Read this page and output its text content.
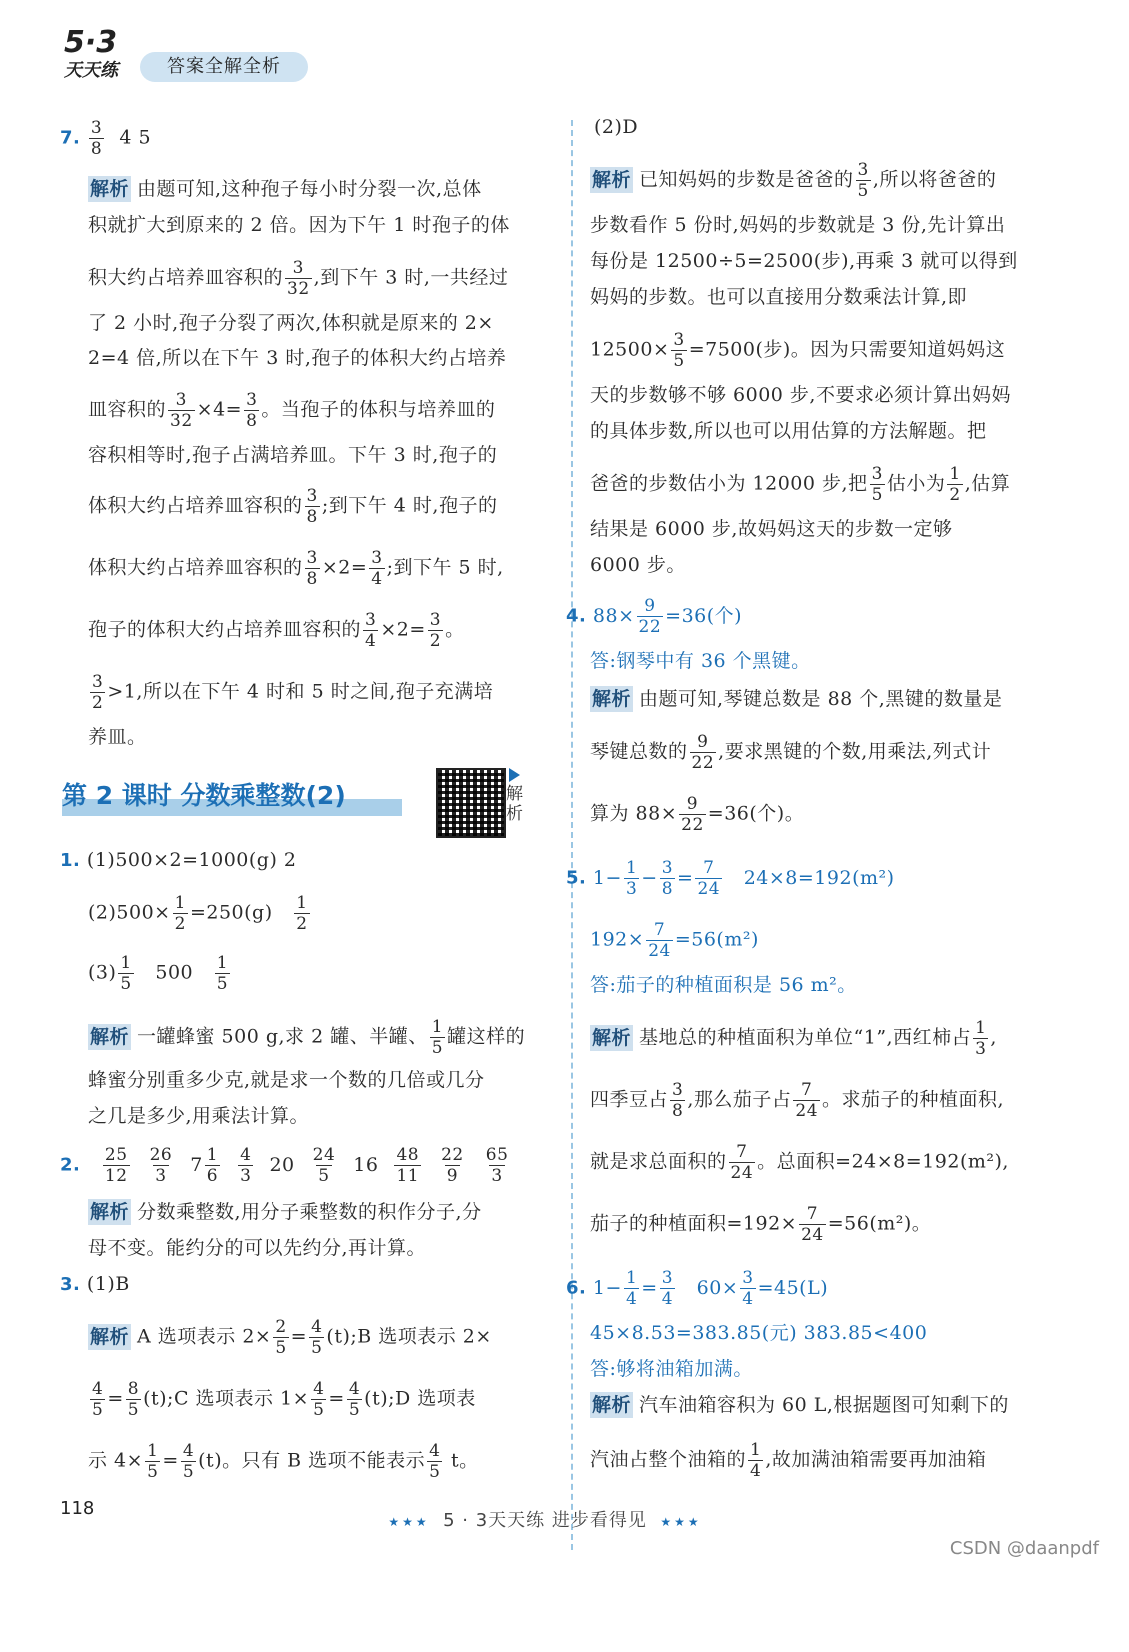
5·3
天天练	答案全解全析
7. $\frac{3}{8} 4$ 5
解析 由题可知,这种孢子每小时分裂一次,总体
积就扩大到原来的 2 倍。因为下午 1 时孢子的体
积大约占培养皿容积的 $\frac{3}{32}$ ,到下午 3 时,一共经过
了 2 小时,孢子分裂了两次,体积就是原来的 2×
2=4 倍,所以在下午 3 时,孢子的体积大约占培养
皿容积的 $\frac{3}{32} \times 4= \frac{3}{8}$ 。当孢子的体积与培养皿的
容积相等时,孢子占满培养皿。下午 3 时,孢子的
体积大约占培养皿容积的 $\frac{3}{8}$ ;到下午 4 时,孢子的
体积大约占培养皿容积的 $\frac{3}{8} \times 2= \frac{3}{4}$ ;到下午 5 时,
孢子的体积大约占培养皿容积的 $\frac{3}{4} \times 2= \frac{3}{2}$ 。
$\frac{3}{2} >1$,所以在下午 4 时和 5 时之间,孢子充满培
养皿。
第 2 课时 分数乘整数(2)	解析
1. (1)500×2=1000(g) 2
$(2)500\times \frac{1}{2} =250(g) \frac{1}{2}$
$(3) \frac{1}{5} 500 \frac{1}{5}$
解析 一罐蜂蜜 500 g,求 2 罐、半罐、 $\frac{1}{5}$ 罐这样的
蜂蜜分别重多少克,就是求一个数的几倍或几分
之几是多少,用乘法计算。
2. $\frac{25}{12} \frac{26}{3} 7 \frac{1}{6} \frac{4}{3} 20 \frac{24}{5} 16 \frac{48}{11} \frac{22}{9} \frac{65}{3}$
解析 分数乘整数,用分子乘整数的积作分子,分
母不变。能约分的可以先约分,再计算。
3. (1)B
解析 A 选项表示 $2\times \frac{2}{5} = \frac{4}{5}$ (t);B 选项表示 2×
$\frac{4}{5} = \frac{8}{5}$ (t);C 选项表示 $1\times \frac{4}{5} = \frac{4}{5}$ (t);D 选项表
示 $4\times \frac{1}{5} = \frac{4}{5} (t)$。只有 B 选项不能表示 $\frac{4}{5}$ t。
(2)D
解析 已知妈妈的步数是爸爸的 $\frac{3}{5}$ ,所以将爸爸的
步数看作 5 份时,妈妈的步数就是 3 份,先计算出
每份是 12500÷5=2500(步),再乘 3 就可以得到
妈妈的步数。也可以直接用分数乘法计算,即
$12500\times \frac{3}{5} =7500$(步)。因为只需要知道妈妈这
天的步数够不够 6000 步,不要求必须计算出妈妈
的具体步数,所以也可以用估算的方法解题。把
爸爸的步数估小为 12000 步,把 $\frac{3}{5}$ 估小为 $\frac{1}{2}$ ,估算
结果是 6000 步,故妈妈这天的步数一定够
6000 步。
4. $88\times \frac{9}{22} =36$(个)
答:钢琴中有 36 个黑键。
解析 由题可知,琴键总数是 88 个,黑键的数量是
琴键总数的 $\frac{9}{22}$ ,要求黑键的个数,用乘法,列式计
算为 $88\times \frac{9}{22} =36$(个)。
5. $1- \frac{1}{3} - \frac{3}{8} = \frac{7}{24} 24\times 8=192(m^2)$
$192\times \frac{7}{24} =56(m^2)$
答:茄子的种植面积是 56 m²。
解析 基地总的种植面积为单位“1”,西红柿占 $\frac{1}{3}$ ,
四季豆占 $\frac{3}{8}$ ,那么茄子占 $\frac{7}{24}$ 。求茄子的种植面积,
就是求总面积的 $\frac{7}{24}$ 。总面积=24×8=192(m²),
茄子的种植面积$=192\times \frac{7}{24} =56(m^2)$。
6. $1- \frac{1}{4} = \frac{3}{4} 60\times \frac{3}{4} =45(L)$
45×8.53=383.85(元) 383.85<400
答:够将油箱加满。
解析 汽车油箱容积为 60 L,根据题图可知剩下的
汽油占整个油箱的 $\frac{1}{4}$ ,故加满油箱需要再加油箱
118
★★★ 5 · 3天天练 进步看得见 ★★★
CSDN @daanpdf
